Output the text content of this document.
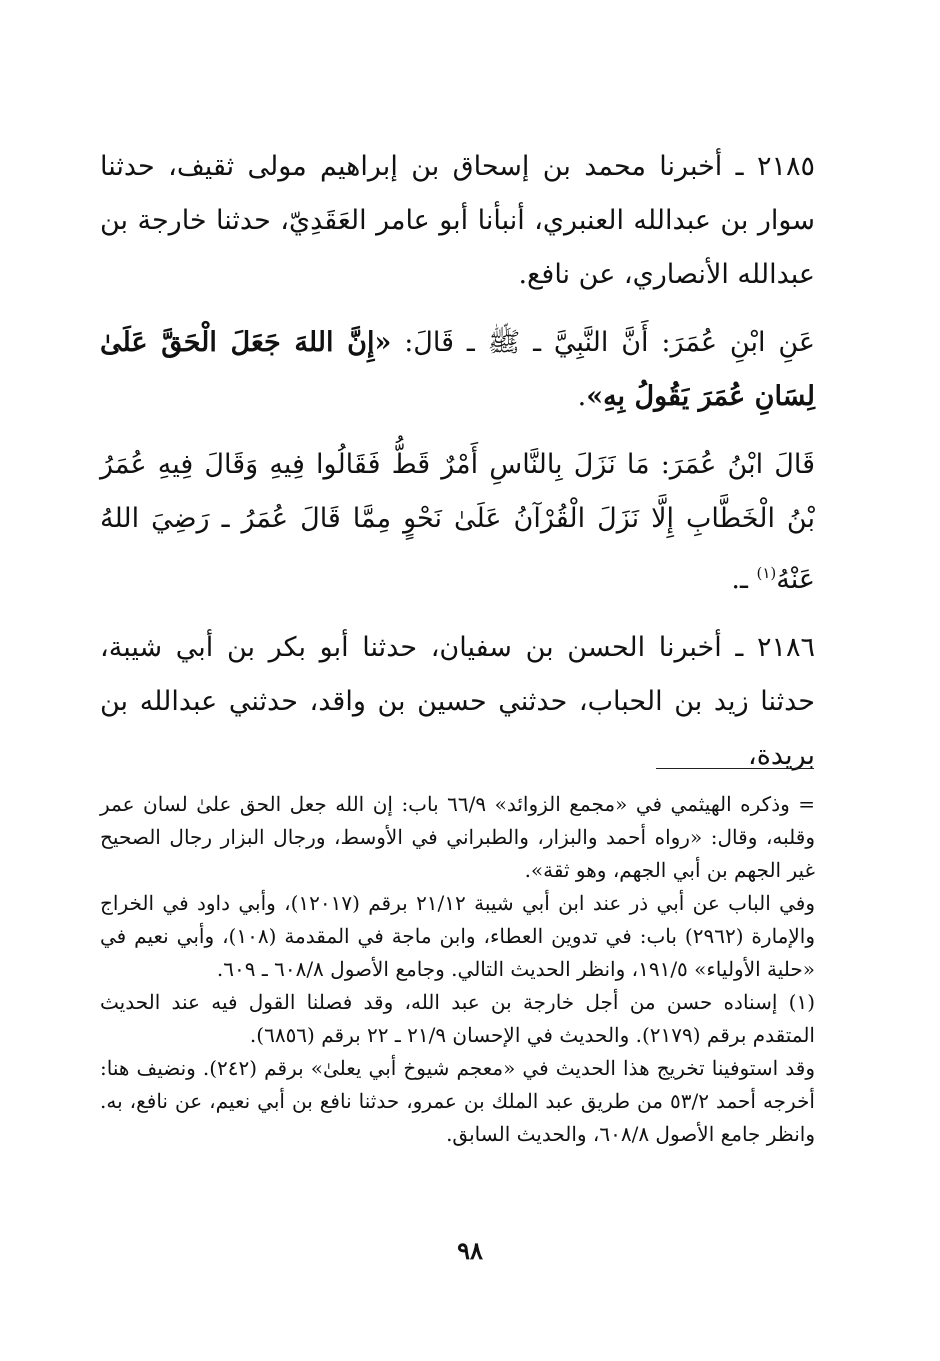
٢١٨٥ ـ أخبرنا محمد بن إسحاق بن إبراهيم مولى ثقيف، حدثنا سوار بن عبدالله العنبري، أنبأنا أبو عامر العَقَدِيّ، حدثنا خارجة بن عبدالله الأنصاري، عن نافع.

عَنِ ابْنِ عُمَرَ: أَنَّ النَّبِيَّ ـ ﷺ ـ قَالَ: «إِنَّ اللهَ جَعَلَ الْحَقَّ عَلَىٰ لِسَانِ عُمَرَ يَقُولُ بِهِ».

قَالَ ابْنُ عُمَرَ: مَا نَزَلَ بِالنَّاسِ أَمْرٌ قَطُّ فَقَالُوا فِيهِ وَقَالَ فِيهِ عُمَرُ بْنُ الْخَطَّابِ إِلَّا نَزَلَ الْقُرْآنُ عَلَىٰ نَحْوٍ مِمَّا قَالَ عُمَرُ ـ رَضِيَ اللهُ عَنْهُ$^{(١)}$ ـ.

٢١٨٦ ـ أخبرنا الحسن بن سفيان، حدثنا أبو بكر بن أبي شيبة، حدثنا زيد بن الحباب، حدثني حسين بن واقد، حدثني عبدالله بن بريدة،

= وذكره الهيثمي في «مجمع الزوائد» ٦٦/٩ باب: إن الله جعل الحق علىٰ لسان عمر وقلبه، وقال: «رواه أحمد والبزار، والطبراني في الأوسط، ورجال البزار رجال الصحيح غير الجهم بن أبي الجهم، وهو ثقة».

وفي الباب عن أبي ذر عند ابن أبي شيبة ٢١/١٢ برقم (١٢٠١٧)، وأبي داود في الخراج والإمارة (٢٩٦٢) باب: في تدوين العطاء، وابن ماجة في المقدمة (١٠٨)، وأبي نعيم في «حلية الأولياء» ١٩١/٥، وانظر الحديث التالي. وجامع الأصول ٦٠٨/٨ ـ ٦٠٩.

(١) إسناده حسن من أجل خارجة بن عبد الله، وقد فصلنا القول فيه عند الحديث المتقدم برقم (٢١٧٩). والحديث في الإحسان ٢١/٩ ـ ٢٢ برقم (٦٨٥٦).

وقد استوفينا تخريج هذا الحديث في «معجم شيوخ أبي يعلىٰ» برقم (٢٤٢). ونضيف هنا: أخرجه أحمد ٥٣/٢ من طريق عبد الملك بن عمرو، حدثنا نافع بن أبي نعيم، عن نافع، به. وانظر جامع الأصول ٦٠٨/٨، والحديث السابق.

٩٨
